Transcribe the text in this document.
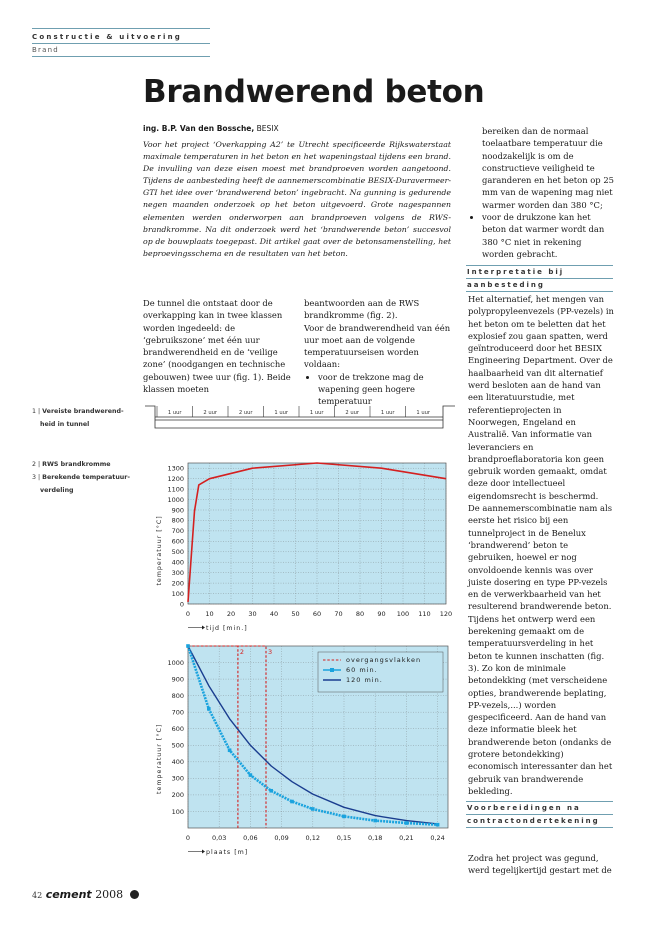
Constructie & uitvoering
Brand
Brandwerend beton
ing. B.P. Van den Bossche, BESIX
Voor het project ‘Overkapping A2’ te Utrecht specificeerde Rijkswaterstaat maximale temperaturen in het beton en het wapeningstaal tijdens een brand. De invulling van deze eisen moest met brandproeven worden aangetoond. Tijdens de aanbesteding heeft de aannemerscombinatie BESIX-Duravermeer-GTI het idee over ‘brandwerend beton’ ingebracht. Na gunning is gedurende negen maanden onderzoek op het beton uitgevoerd. Grote nagespannen elementen werden onderworpen aan brandproeven volgens de RWS-brandkromme. Na dit onderzoek werd het ‘brandwerende beton’ succesvol op de bouwplaats toegepast. Dit artikel gaat over de betonsamenstelling, het beproevingsschema en de resultaten van het beton.
De tunnel die ontstaat door de overkapping kan in twee klassen worden ingedeeld: de ‘gebruikszone’ met één uur brandwerendheid en de ‘veilige zone’ (noodgangen en technische gebouwen) twee uur (fig. 1). Beide klassen moeten
beantwoorden aan de RWS brandkromme (fig. 2).
Voor de brandwerendheid van één uur moet aan de volgende temperatuurseisen worden voldaan:
• voor de trekzone mag de wapening geen hogere temperatuur
bereiken dan de normaal toelaatbare temperatuur die noodzakelijk is om de constructieve veiligheid te garanderen en het beton op 25 mm van de wapening mag niet warmer worden dan 380 °C;
• voor de drukzone kan het beton dat warmer wordt dan 380 °C niet in rekening worden gebracht.
Interpretatie bij
aanbesteding
Het alternatief, het mengen van polypropyleenvezels (PP-vezels) in het beton om te beletten dat het explosief zou gaan spatten, werd geïntroduceerd door het BESIX Engineering Department. Over de haalbaarheid van dit alternatief werd besloten aan de hand van een literatuurstudie, met referentieprojecten in Noorwegen, Engeland en Australië. Van informatie van leveranciers en brandproeflaboratoria kon geen gebruik worden gemaakt, omdat deze door intellectueel eigendomsrecht is beschermd.
De aannemerscombinatie nam als eerste het risico bij een tunnelproject in de Benelux ‘brandwerend’ beton te gebruiken, hoewel er nog onvoldoende kennis was over juiste dosering en type PP-vezels en de verwerkbaarheid van het resulterend brandwerende beton. Tijdens het ontwerp werd een berekening gemaakt om de temperatuursverdeling in het beton te kunnen inschatten (fig. 3). Zo kon de minimale betondekking (met verscheidene opties, brandwerende beplating, PP-vezels,...) worden gespecificeerd. Aan de hand van deze informatie bleek het brandwerende beton (ondanks de grotere betondekking) economisch interessanter dan het gebruik van brandwerende bekleding.
Voorbereidingen na
contractondertekening
Zodra het project was gegund, werd tegelijkertijd gestart met de
1 | Vereiste brandwerend-
heid in tunnel
2 | RWS brandkromme
3 | Berekende temperatuur-
verdeling
1 uur	2 uur	2 uur	1 uur	1 uur	2 uur	1 uur	1 uur
0 10 20 30 40 50 60 70 80 90 100 110 120
0
100
200
300
400
500
600
700
800
900
1000
1100
1200
1300
tijd [min.]
temperatuur [°C]
0	0,03	0,06	0,09	0,12	0,15	0,18	0,21	0,24
100
200
300
400
500
600
700
800
900
1000
plaats [m]
temperatuur [°C]
2	3
overgangsvlakken
60 min.
120 min.
42 cement 2008
